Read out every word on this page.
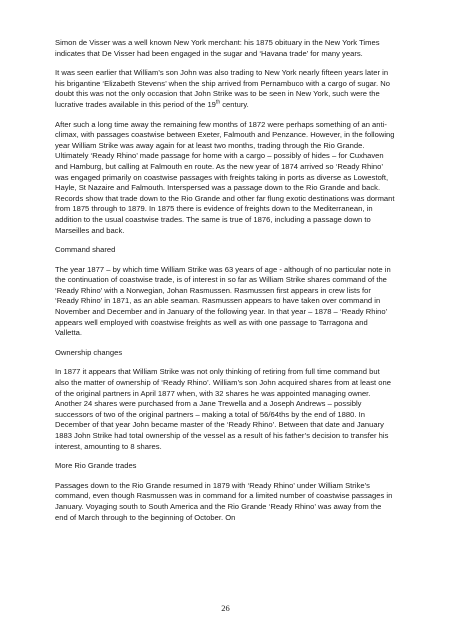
Simon de Visser was a well known New York merchant: his 1875 obituary in the New York Times indicates that De Visser had been engaged in the sugar and ‘Havana trade’ for many years.

It was seen earlier that William’s son John was also trading to New York nearly fifteen years later in his brigantine ‘Elizabeth Stevens’ when the ship arrived from Pernambuco with a cargo of sugar. No doubt this was not the only occasion that John Strike was to be seen in New York, such were the lucrative trades available in this period of the 19th century.

After such a long time away the remaining few months of 1872 were perhaps something of an anti-climax, with passages coastwise between Exeter, Falmouth and Penzance. However, in the following year William Strike was away again for at least two months, trading through the Rio Grande. Ultimately ‘Ready Rhino’ made passage for home with a cargo – possibly of hides – for Cuxhaven and Hamburg, but calling at Falmouth en route. As the new year of 1874 arrived so ‘Ready Rhino’ was engaged primarily on coastwise passages with freights taking in ports as diverse as Lowestoft, Hayle, St Nazaire and Falmouth. Interspersed was a passage down to the Rio Grande and back. Records show that trade down to the Rio Grande and other far flung exotic destinations was dormant from 1875 through to 1879. In 1875 there is evidence of freights down to the Mediterranean, in addition to the usual coastwise trades. The same is true of 1876, including a passage down to Marseilles and back.

Command shared

The year 1877 – by which time William Strike was 63 years of age - although of no particular note in the continuation of coastwise trade, is of interest in so far as William Strike shares command of the ‘Ready Rhino’ with a Norwegian, Johan Rasmussen. Rasmussen first appears in crew lists for ‘Ready Rhino’ in 1871, as an able seaman. Rasmussen appears to have taken over command in November and December and in January of the following year. In that year – 1878 – ‘Ready Rhino’ appears well employed with coastwise freights as well as with one passage to Tarragona and Valletta.

Ownership changes

In 1877 it appears that William Strike was not only thinking of retiring from full time command but also the matter of ownership of ‘Ready Rhino’. William’s son John acquired shares from at least one of the original partners in April 1877 when, with 32 shares he was appointed managing owner. Another 24 shares were purchased from a Jane Trewella and a Joseph Andrews – possibly successors of two of the original partners – making a total of 56/64ths by the end of 1880. In December of that year John became master of the ‘Ready Rhino’. Between that date and January 1883 John Strike had total ownership of the vessel as a result of his father’s decision to transfer his interest, amounting to 8 shares.

More Rio Grande trades

Passages down to the Rio Grande resumed in 1879 with ‘Ready Rhino’ under William Strike’s command, even though Rasmussen was in command for a limited number of coastwise passages in January. Voyaging south to South America and the Rio Grande ‘Ready Rhino’ was away from the end of March through to the beginning of October. On

26
